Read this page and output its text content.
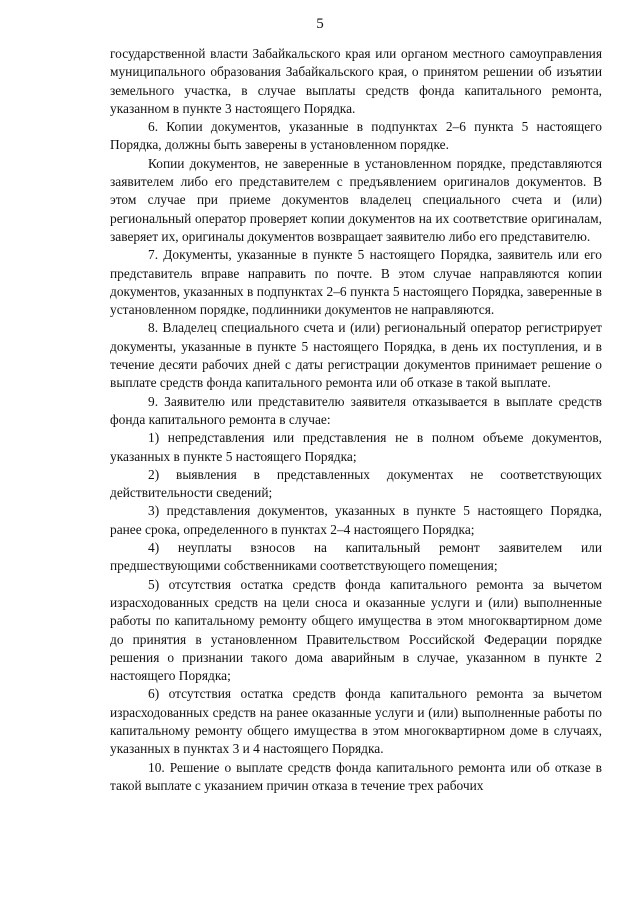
5

государственной власти Забайкальского края или органом местного самоуправления муниципального образования Забайкальского края, о принятом решении об изъятии земельного участка, в случае выплаты средств фонда капитального ремонта, указанном в пункте 3 настоящего Порядка.

6. Копии документов, указанные в подпунктах 2–6 пункта 5 настоящего Порядка, должны быть заверены в установленном порядке.

Копии документов, не заверенные в установленном порядке, представляются заявителем либо его представителем с предъявлением оригиналов документов. В этом случае при приеме документов владелец специального счета и (или) региональный оператор проверяет копии документов на их соответствие оригиналам, заверяет их, оригиналы документов возвращает заявителю либо его представителю.

7. Документы, указанные в пункте 5 настоящего Порядка, заявитель или его представитель вправе направить по почте. В этом случае направляются копии документов, указанных в подпунктах 2–6 пункта 5 настоящего Порядка, заверенные в установленном порядке, подлинники документов не направляются.

8. Владелец специального счета и (или) региональный оператор регистрирует документы, указанные в пункте 5 настоящего Порядка, в день их поступления, и в течение десяти рабочих дней с даты регистрации документов принимает решение о выплате средств фонда капитального ремонта или об отказе в такой выплате.

9. Заявителю или представителю заявителя отказывается в выплате средств фонда капитального ремонта в случае:

1) непредставления или представления не в полном объеме документов, указанных в пункте 5 настоящего Порядка;

2) выявления в представленных документах не соответствующих действительности сведений;

3) представления документов, указанных в пункте 5 настоящего Порядка, ранее срока, определенного в пунктах 2–4 настоящего Порядка;

4) неуплаты взносов на капитальный ремонт заявителем или предшествующими собственниками соответствующего помещения;

5) отсутствия остатка средств фонда капитального ремонта за вычетом израсходованных средств на цели сноса и оказанные услуги и (или) выполненные работы по капитальному ремонту общего имущества в этом многоквартирном доме до принятия в установленном Правительством Российской Федерации порядке решения о признании такого дома аварийным в случае, указанном в пункте 2 настоящего Порядка;

6) отсутствия остатка средств фонда капитального ремонта за вычетом израсходованных средств на ранее оказанные услуги и (или) выполненные работы по капитальному ремонту общего имущества в этом многоквартирном доме в случаях, указанных в пунктах 3 и 4 настоящего Порядка.

10. Решение о выплате средств фонда капитального ремонта или об отказе в такой выплате с указанием причин отказа в течение трех рабочих
